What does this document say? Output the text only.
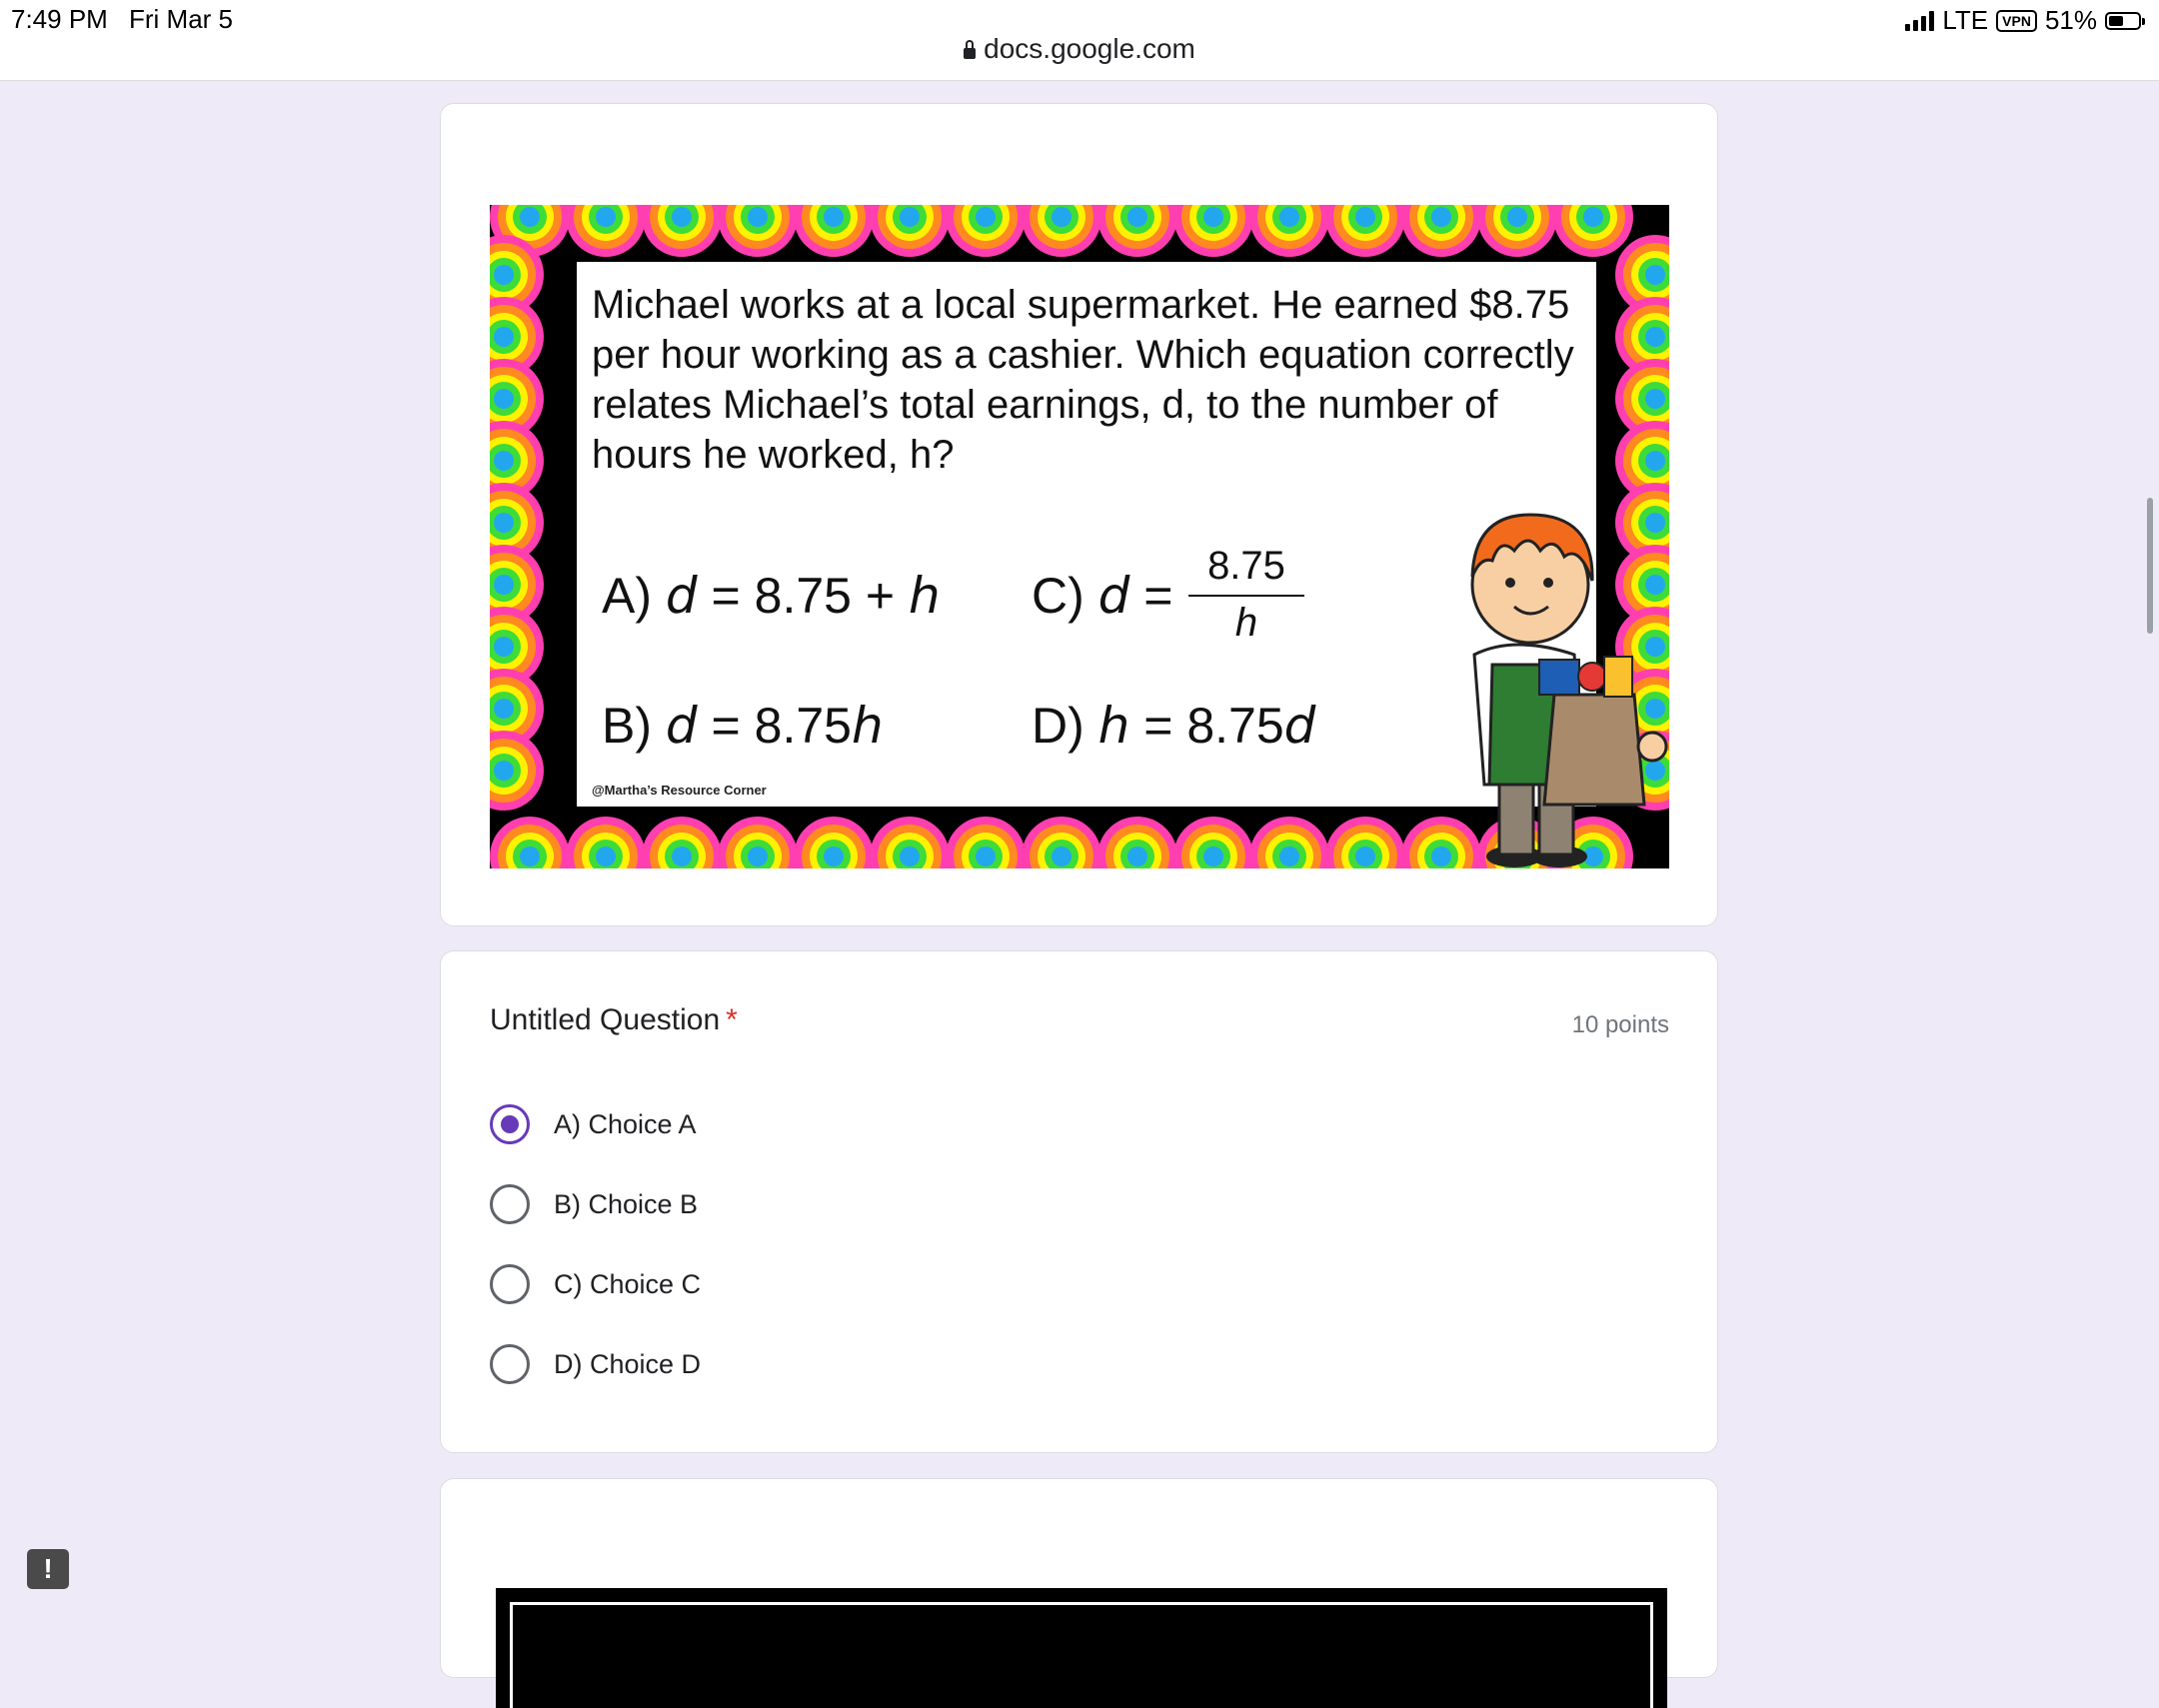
7:49 PM Fri Mar 5	LTE	VPN 51%
docs.google.com
Michael works at a local supermarket. He earned $8.75 per hour working as a cashier. Which equation correctly relates Michael’s total earnings, d, to the number of hours he worked, h?
A) d = 8.75 + h C) d =
8.75
h
B) d = 8.75h	D) h = 8.75d
@Martha’s Resource Corner
Untitled Question *	10 points
A) Choice A
B) Choice B
C) Choice C
D) Choice D
!
